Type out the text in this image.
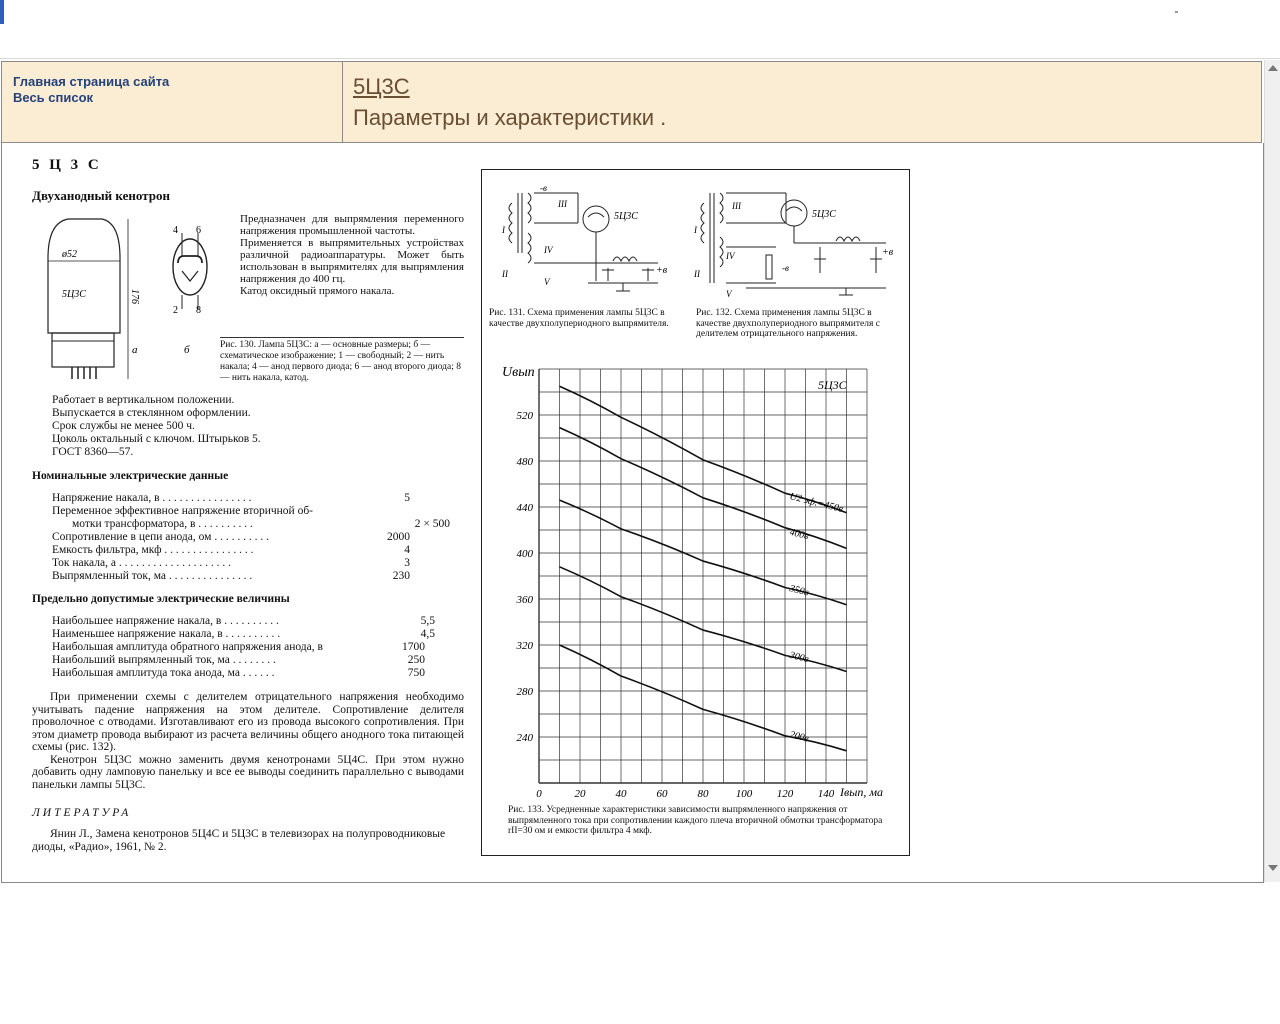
Главная страница сайта
Весь список	5Ц3С
Параметры и характеристики .
5 Ц 3 С
Двуханодный кенотрон
ø52
5Ц3С	176
а
4 6
2 8
б

Предназначен для выпрямления переменного напряжения промышленной частоты.

Применяется в выпрямительных устройствах различной радиоаппаратуры. Может быть использован в выпрямителях для выпрямления напряжения до 400 гц.

Катод оксидный прямого накала.

Рис. 130. Лампа 5Ц3С: а — основные размеры; б — схематическое изображение; 1 — свободный; 2 — нить накала; 4 — анод первого диода; 6 — анод второго диода; 8 — нить накала, катод.
Работает в вертикальном положении.
Выпускается в стеклянном оформлении.
Срок службы не менее 500 ч.
Цоколь октальный с ключом. Штырьков 5.
ГОСТ 8360—57.
Номинальные электрические данные
Напряжение накала, в . . . . . . . . . . . . . . . .	5
Переменное эффективное напряжение вторичной об-
мотки трансформатора, в . . . . . . . . . .	2 × 500
Сопротивление в цепи анода, ом . . . . . . . . . .	2000
Емкость фильтра, мкф . . . . . . . . . . . . . . . .	4
Ток накала, а . . . . . . . . . . . . . . . . . . . .	3
Выпрямленный ток, ма . . . . . . . . . . . . . . .	230
Предельно допустимые электрические величины
Наибольшее напряжение накала, в . . . . . . . . . .	5,5
Наименьшее напряжение накала, в . . . . . . . . . .	4,5
Наибольшая амплитуда обратного напряжения анода, в	1700
Наибольший выпрямленный ток, ма . . . . . . . .	250
Наибольшая амплитуда тока анода, ма . . . . . .	750
При применении схемы с делителем отрицательного напряжения необходимо учитывать падение напряжения на этом делителе. Сопротивление делителя проволочное с отводами. Изготавливают его из провода высокого сопротивления. При этом диаметр провода выбирают из расчета величины общего анодного тока питающей схемы (рис. 132).
Кенотрон 5Ц3С можно заменить двумя кенотронами 5Ц4С. При этом нужно добавить одну ламповую панельку и все ее выводы соединить параллельно с выводами панельки лампы 5Ц3С.
ЛИТЕРАТУРА
Янин Л., Замена кенотронов 5Ц4С и 5Ц3С в телевизорах на полупроводниковые диоды, «Радио», 1961, № 2.
5Ц3С
+в
-в
I
II
III
IV
V
Рис. 131. Схема применения лампы 5Ц3С в качестве двухполупериодного выпрямителя.
5Ц3С
+в
-в
I
II
III
IV
V
Рис. 132. Схема применения лампы 5Ц3С в качестве двухполупериодного выпрямителя с делителем отрицательного напряжения.
0	20	40	60	80 100 120 140
240
280
320
360
400
440
480
520
U2 эф.=450в
400в
350в
300в
200в
Uвып
Iвып, ма
5Ц3С
Рис. 133. Усредненные характеристики зависимости выпрямленного напряжения от выпрямленного тока при сопротивлении каждого плеча вторичной обмотки трансформатора rII=30 ом и емкости фильтра 4 мкф.
